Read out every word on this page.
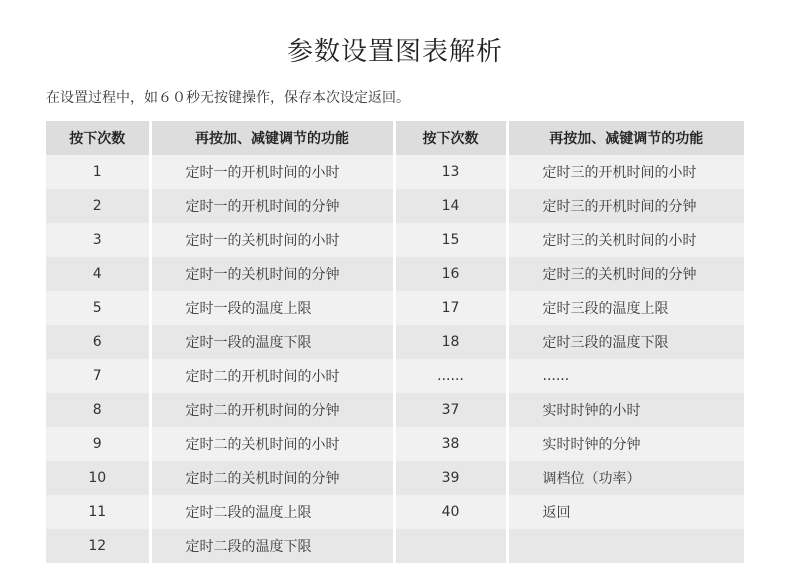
参数设置图表解析
在设置过程中，如６０秒无按键操作，保存本次设定返回。
按下次数	再按加、减键调节的功能	按下次数	再按加、减键调节的功能
1	定时一的开机时间的小时	13	定时三的开机时间的小时
2	定时一的开机时间的分钟	14	定时三的开机时间的分钟
3	定时一的关机时间的小时	15	定时三的关机时间的小时
4	定时一的关机时间的分钟	16	定时三的关机时间的分钟
5	定时一段的温度上限	17	定时三段的温度上限
6	定时一段的温度下限	18	定时三段的温度下限
7	定时二的开机时间的小时	......	......
8	定时二的开机时间的分钟	37	实时时钟的小时
9	定时二的关机时间的小时	38	实时时钟的分钟
10	定时二的关机时间的分钟	39	调档位（功率）
11	定时二段的温度上限	40	返回
12	定时二段的温度下限		
